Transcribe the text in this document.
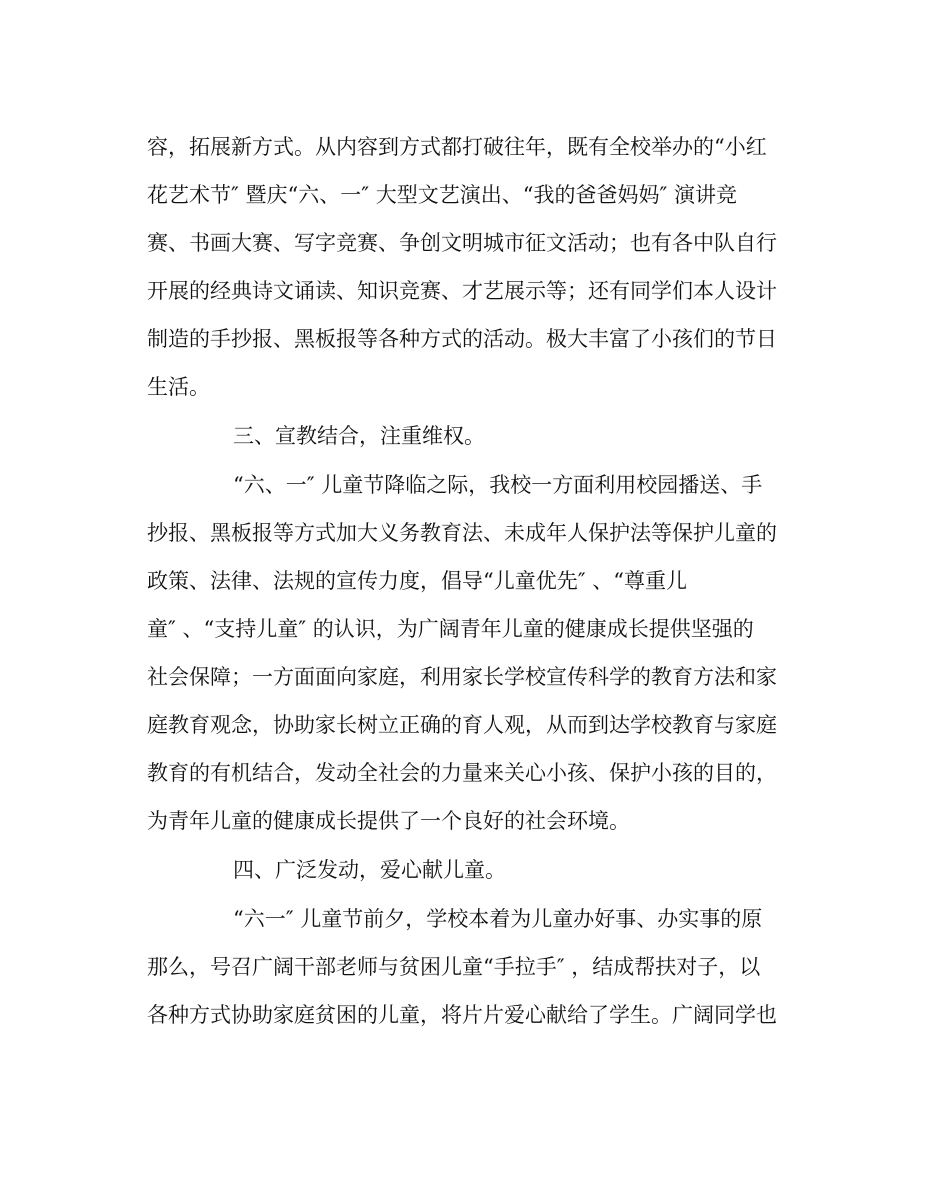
容，拓展新方式。从内容到方式都打破往年，既有全校举办的“小红

花艺术节″ 暨庆“六、一″ 大型文艺演出、“我的爸爸妈妈″ 演讲竞

赛、书画大赛、写字竞赛、争创文明城市征文活动；也有各中队自行

开展的经典诗文诵读、知识竞赛、才艺展示等；还有同学们本人设计

制造的手抄报、黑板报等各种方式的活动。极大丰富了小孩们的节日

生活。

三、宣教结合，注重维权。

“六、一″ 儿童节降临之际，我校一方面利用校园播送、手

抄报、黑板报等方式加大义务教育法、未成年人保护法等保护儿童的

政策、法律、法规的宣传力度，倡导“儿童优先″ 、“尊重儿

童″ 、“支持儿童″ 的认识，为广阔青年儿童的健康成长提供坚强的

社会保障；一方面面向家庭，利用家长学校宣传科学的教育方法和家

庭教育观念，协助家长树立正确的育人观，从而到达学校教育与家庭

教育的有机结合，发动全社会的力量来关心小孩、保护小孩的目的，

为青年儿童的健康成长提供了一个良好的社会环境。

四、广泛发动，爱心献儿童。

“六一″ 儿童节前夕，学校本着为儿童办好事、办实事的原

那么，号召广阔干部老师与贫困儿童“手拉手″ ，结成帮扶对子，以

各种方式协助家庭贫困的儿童，将片片爱心献给了学生。广阔同学也
